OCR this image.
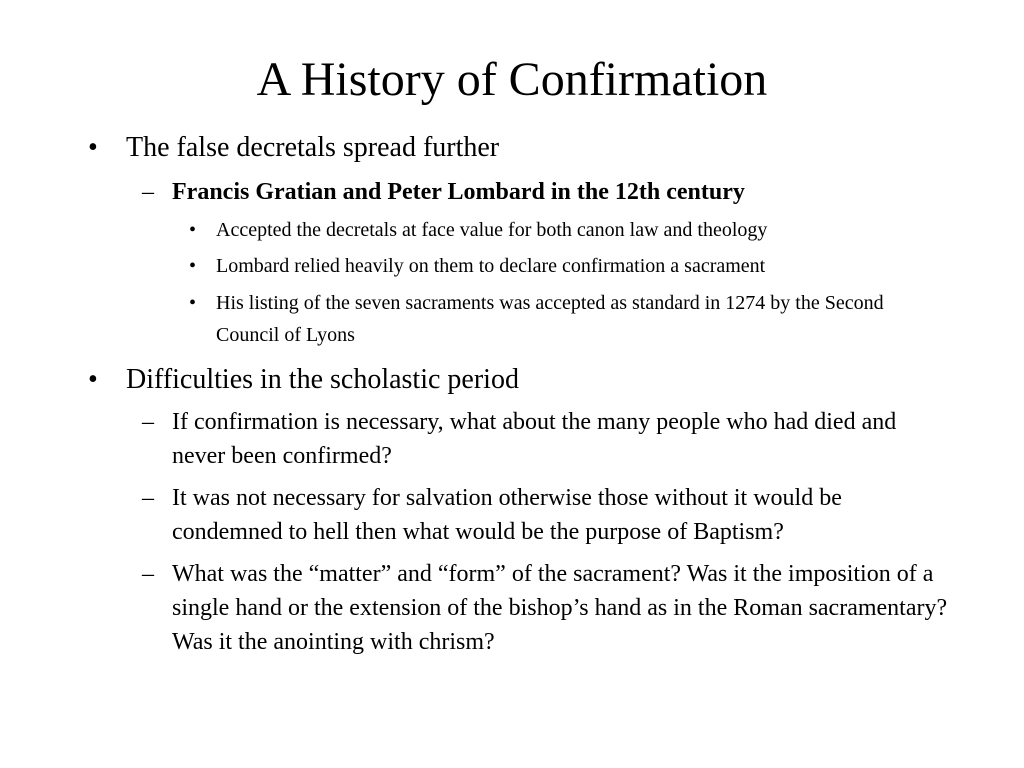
A History of Confirmation
• The false decretals spread further
– Francis Gratian and Peter Lombard in the 12th century
• Accepted the decretals at face value for both canon law and theology
• Lombard relied heavily on them to declare confirmation a sacrament
• His listing of the seven sacraments was accepted as standard in 1274 by the Second Council of Lyons
• Difficulties in the scholastic period
– If confirmation is necessary, what about the many people who had died and never been confirmed?
– It was not necessary for salvation otherwise those without it would be condemned to hell then what would be the purpose of Baptism?
– What was the “matter” and “form” of the sacrament? Was it the imposition of a single hand or the extension of the bishop’s hand as in the Roman sacramentary? Was it the anointing with chrism?
